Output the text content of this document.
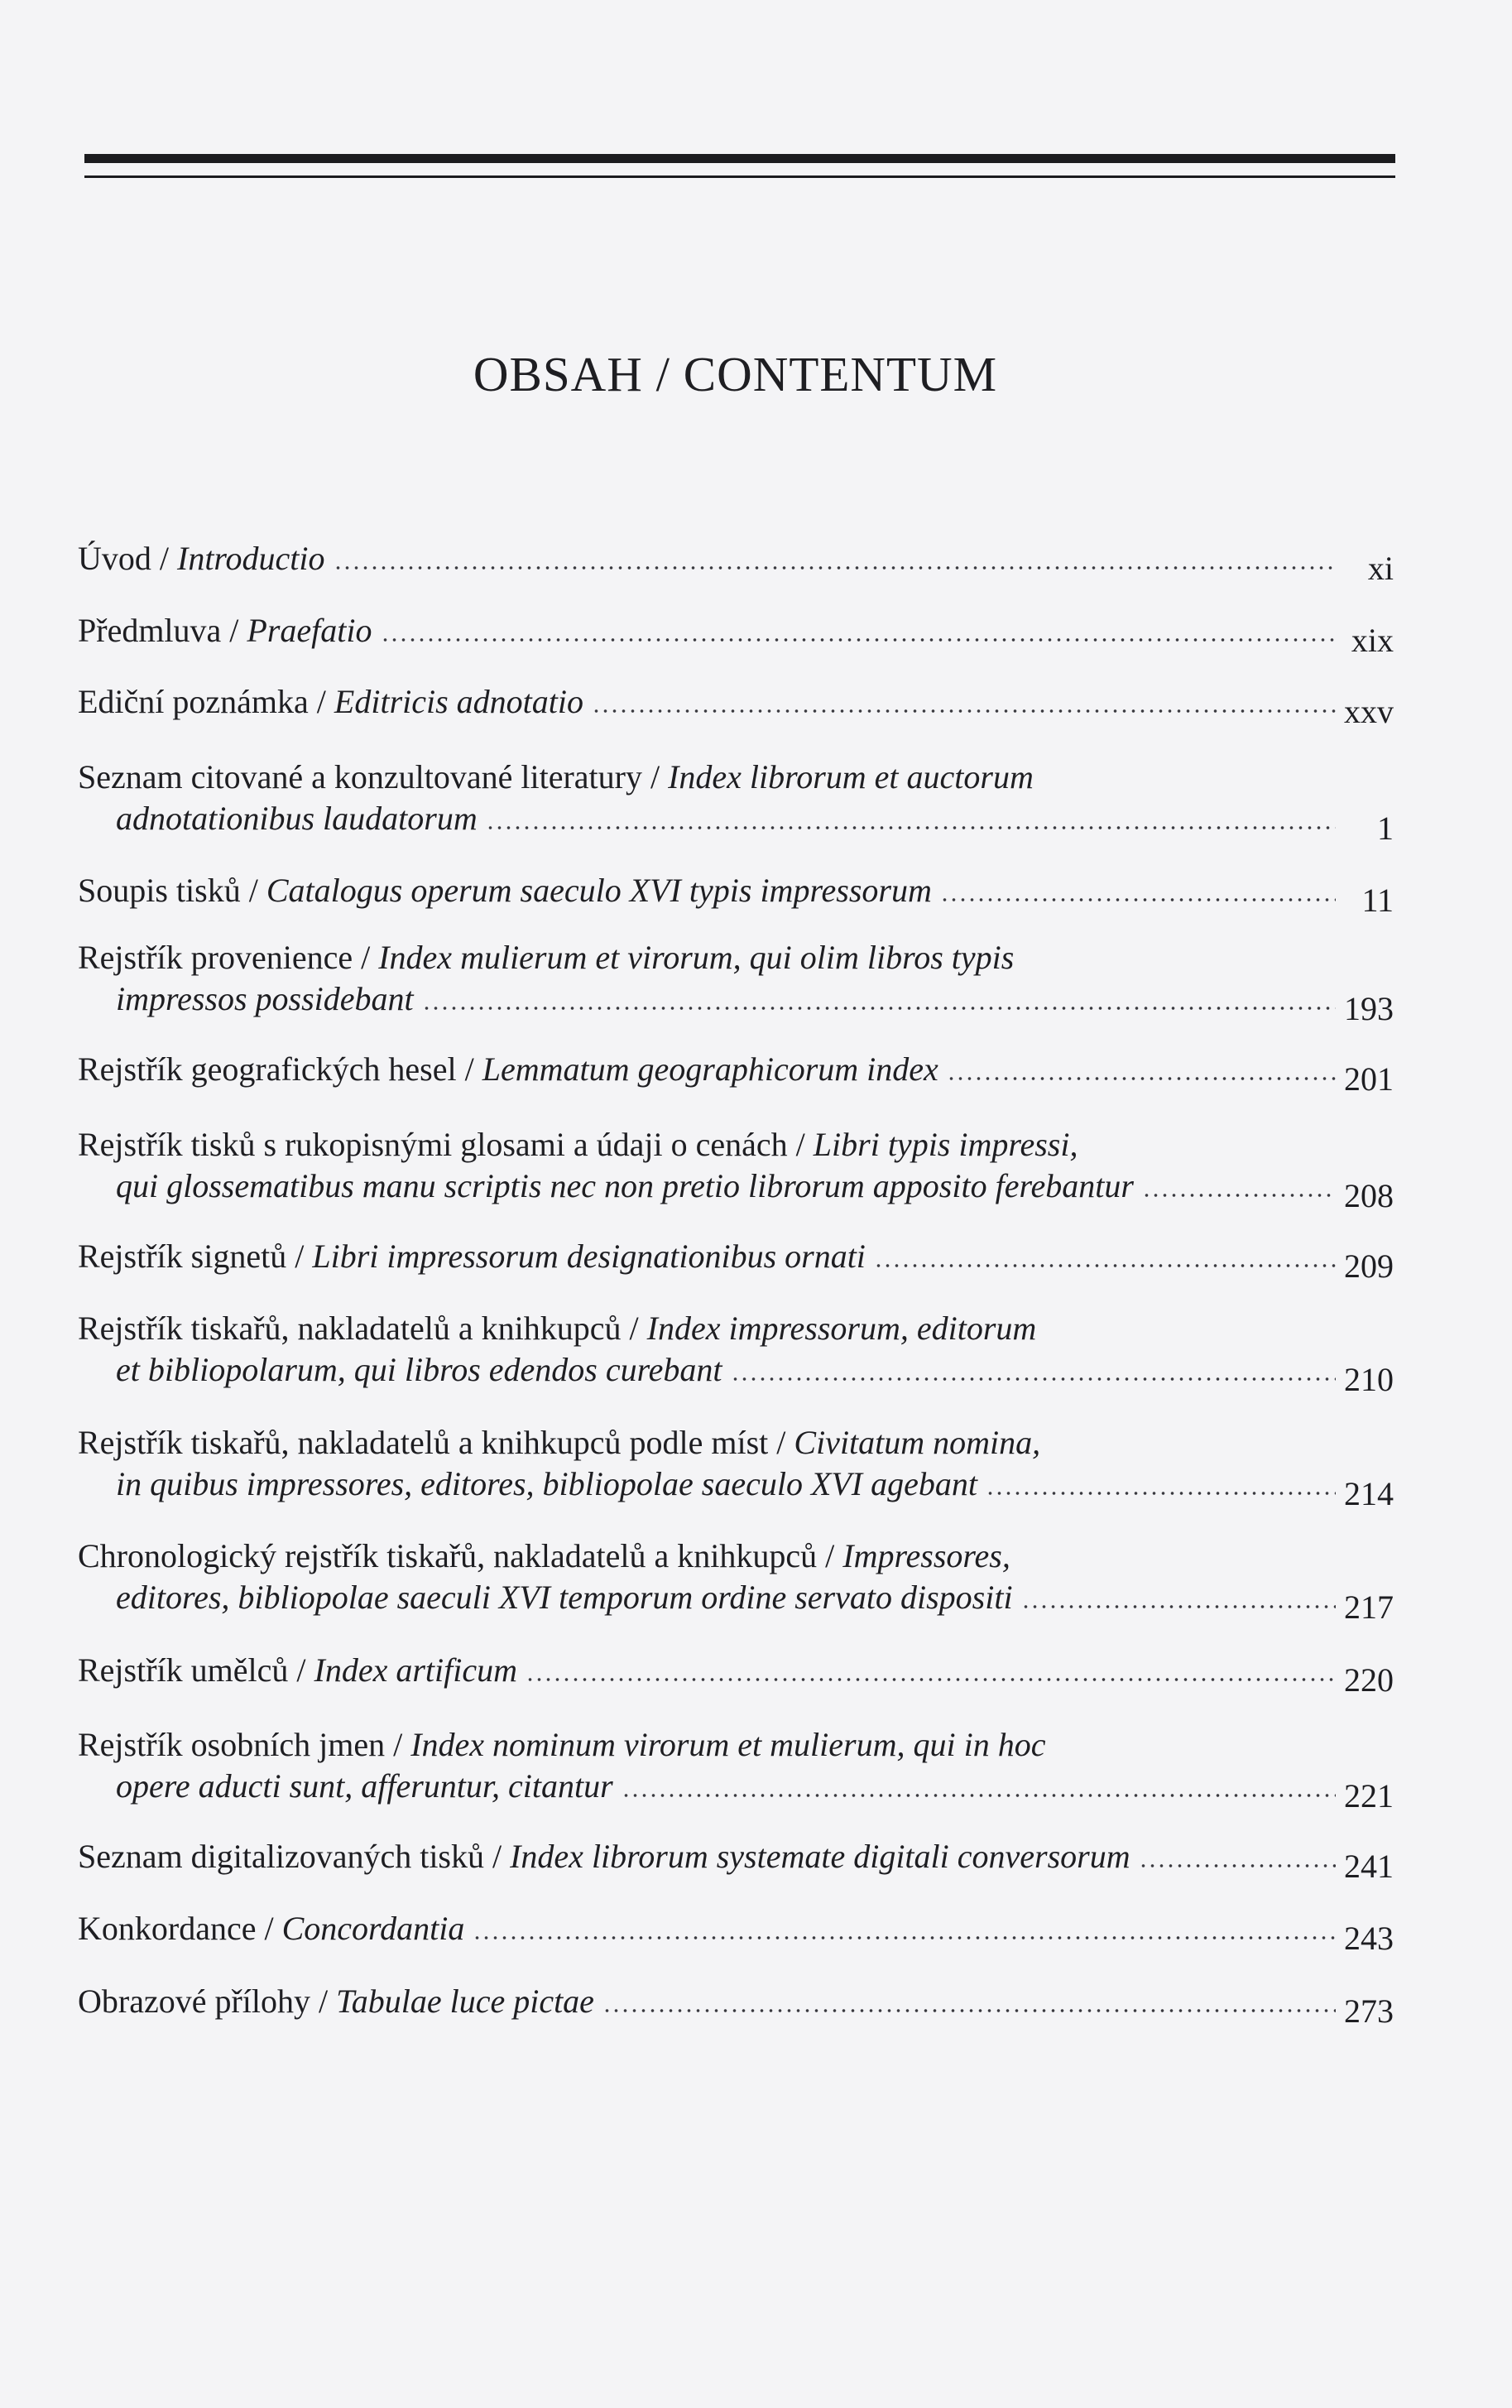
OBSAH / CONTENTUM
Úvod / Introductio	xi
Předmluva / Praefatio	xix
Ediční poznámka / Editricis adnotatio	xxv
Seznam citované a konzultované literatury / Index librorum et auctorum
adnotationibus laudatorum	1
Soupis tisků / Catalogus operum saeculo XVI typis impressorum	11
Rejstřík provenience / Index mulierum et virorum, qui olim libros typis
impressos possidebant	193
Rejstřík geografických hesel / Lemmatum geographicorum index	201
Rejstřík tisků s rukopisnými glosami a údaji o cenách / Libri typis impressi,
qui glossematibus manu scriptis nec non pretio librorum apposito ferebantur	208
Rejstřík signetů / Libri impressorum designationibus ornati	209
Rejstřík tiskařů, nakladatelů a knihkupců / Index impressorum, editorum
et bibliopolarum, qui libros edendos curebant	210
Rejstřík tiskařů, nakladatelů a knihkupců podle míst / Civitatum nomina,
in quibus impressores, editores, bibliopolae saeculo XVI agebant	214
Chronologický rejstřík tiskařů, nakladatelů a knihkupců / Impressores,
editores, bibliopolae saeculi XVI temporum ordine servato dispositi	217
Rejstřík umělců / Index artificum	220
Rejstřík osobních jmen / Index nominum virorum et mulierum, qui in hoc
opere aducti sunt, afferuntur, citantur	221
Seznam digitalizovaných tisků / Index librorum systemate digitali conversorum	241
Konkordance / Concordantia	243
Obrazové přílohy / Tabulae luce pictae	273
